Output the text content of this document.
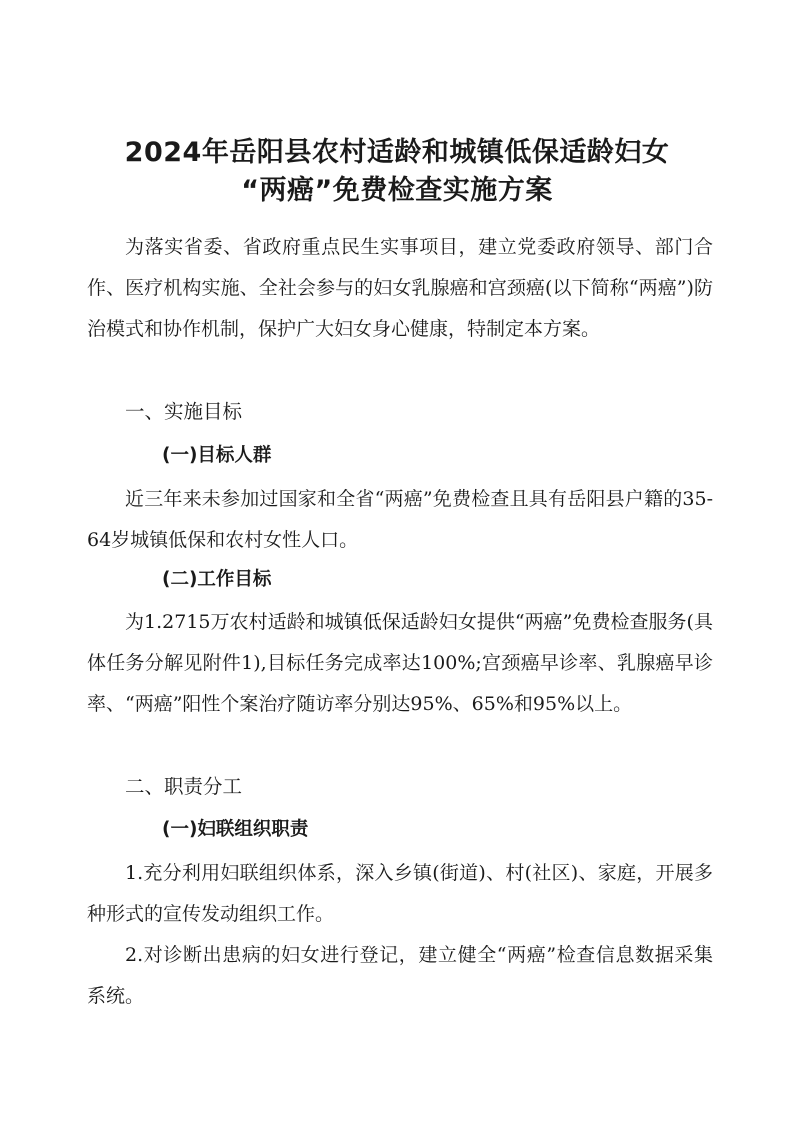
2024年岳阳县农村适龄和城镇低保适龄妇女
“两癌”免费检查实施方案

为落实省委、省政府重点民生实事项目，建立党委政府领导、部门合作、医疗机构实施、全社会参与的妇女乳腺癌和宫颈癌(以下简称“两癌”)防治模式和协作机制，保护广大妇女身心健康，特制定本方案。

一、实施目标
(一)目标人群

近三年来未参加过国家和全省“两癌”免费检查且具有岳阳县户籍的35-64岁城镇低保和农村女性人口。

(二)工作目标

为1.2715万农村适龄和城镇低保适龄妇女提供“两癌”免费检查服务(具体任务分解见附件1),目标任务完成率达100%;宫颈癌早诊率、乳腺癌早诊率、“两癌”阳性个案治疗随访率分别达95%、65%和95%以上。

二、职责分工
(一)妇联组织职责

1.充分利用妇联组织体系，深入乡镇(街道)、村(社区)、家庭，开展多种形式的宣传发动组织工作。

2.对诊断出患病的妇女进行登记，建立健全“两癌”检查信息数据采集系统。
